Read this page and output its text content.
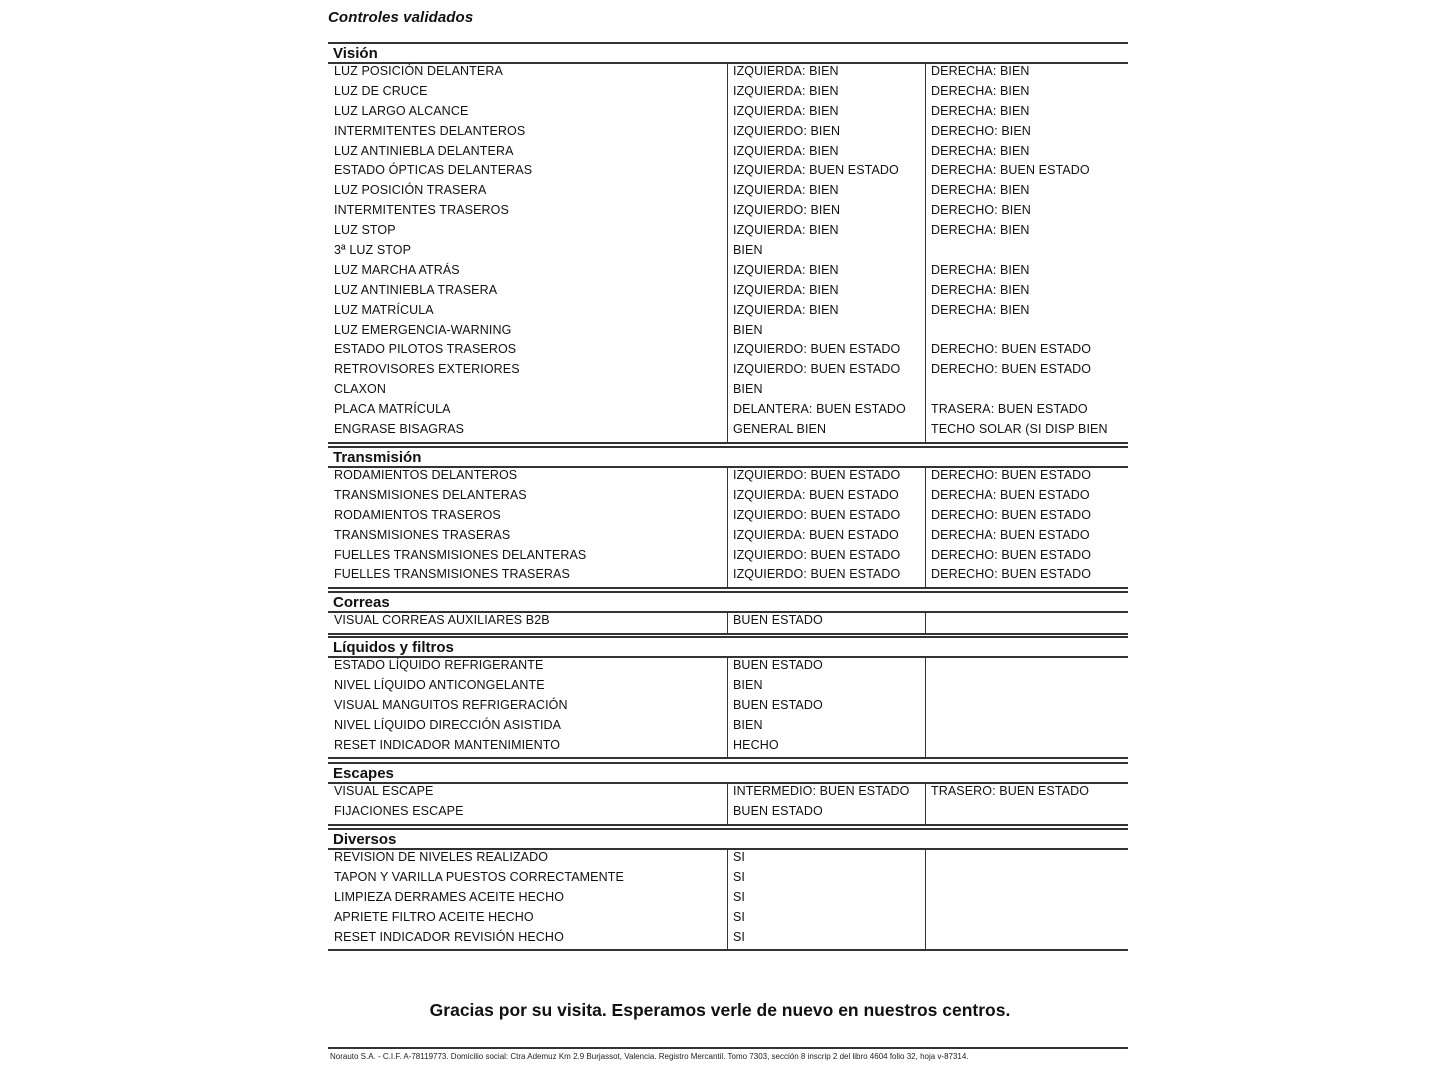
Controles validados
Visión
LUZ POSICIÓN DELANTERA	IZQUIERDA: BIEN	DERECHA: BIEN
LUZ DE CRUCE	IZQUIERDA: BIEN	DERECHA: BIEN
LUZ LARGO ALCANCE	IZQUIERDA: BIEN	DERECHA: BIEN
INTERMITENTES DELANTEROS	IZQUIERDO: BIEN	DERECHO: BIEN
LUZ ANTINIEBLA DELANTERA	IZQUIERDA: BIEN	DERECHA: BIEN
ESTADO ÓPTICAS DELANTERAS	IZQUIERDA: BUEN ESTADO	DERECHA: BUEN ESTADO
LUZ POSICIÓN TRASERA	IZQUIERDA: BIEN	DERECHA: BIEN
INTERMITENTES TRASEROS	IZQUIERDO: BIEN	DERECHO: BIEN
LUZ STOP	IZQUIERDA: BIEN	DERECHA: BIEN
3ª LUZ STOP	BIEN
LUZ MARCHA ATRÁS	IZQUIERDA: BIEN	DERECHA: BIEN
LUZ ANTINIEBLA TRASERA	IZQUIERDA: BIEN	DERECHA: BIEN
LUZ MATRÍCULA	IZQUIERDA: BIEN	DERECHA: BIEN
LUZ EMERGENCIA-WARNING	BIEN
ESTADO PILOTOS TRASEROS	IZQUIERDO: BUEN ESTADO DERECHO: BUEN ESTADO
RETROVISORES EXTERIORES	IZQUIERDO: BUEN ESTADO DERECHO: BUEN ESTADO
CLAXON	BIEN
PLACA MATRÍCULA	DELANTERA: BUEN ESTADO TRASERA: BUEN ESTADO
ENGRASE BISAGRAS	GENERAL BIEN	TECHO SOLAR (SI DISP BIEN
Transmisión
RODAMIENTOS DELANTEROS	IZQUIERDO: BUEN ESTADO DERECHO: BUEN ESTADO
TRANSMISIONES DELANTERAS	IZQUIERDA: BUEN ESTADO	DERECHA: BUEN ESTADO
RODAMIENTOS TRASEROS	IZQUIERDO: BUEN ESTADO DERECHO: BUEN ESTADO
TRANSMISIONES TRASERAS	IZQUIERDA: BUEN ESTADO	DERECHA: BUEN ESTADO
FUELLES TRANSMISIONES DELANTERAS	IZQUIERDO: BUEN ESTADO DERECHO: BUEN ESTADO
FUELLES TRANSMISIONES TRASERAS	IZQUIERDO: BUEN ESTADO DERECHO: BUEN ESTADO
Correas
VISUAL CORREAS AUXILIARES B2B	BUEN ESTADO
Líquidos y filtros
ESTADO LÍQUIDO REFRIGERANTE	BUEN ESTADO
NIVEL LÍQUIDO ANTICONGELANTE	BIEN
VISUAL MANGUITOS REFRIGERACIÓN	BUEN ESTADO
NIVEL LÍQUIDO DIRECCIÓN ASISTIDA	BIEN
RESET INDICADOR MANTENIMIENTO	HECHO
Escapes
VISUAL ESCAPE	INTERMEDIO: BUEN ESTADO TRASERO: BUEN ESTADO
FIJACIONES ESCAPE	BUEN ESTADO
Diversos
REVISION DE NIVELES REALIZADO	SI
TAPON Y VARILLA PUESTOS CORRECTAMENTE	SI
LIMPIEZA DERRAMES ACEITE HECHO	SI
APRIETE FILTRO ACEITE HECHO	SI
RESET INDICADOR REVISIÓN HECHO	SI
Gracias por su visita. Esperamos verle de nuevo en nuestros centros.
Norauto S.A. - C.I.F. A-78119773. Domicilio social: Ctra Ademuz Km 2.9 Burjassot, Valencia. Registro Mercantil. Tomo 7303, sección 8 inscrip 2 del libro 4604 folio 32, hoja v-87314.
